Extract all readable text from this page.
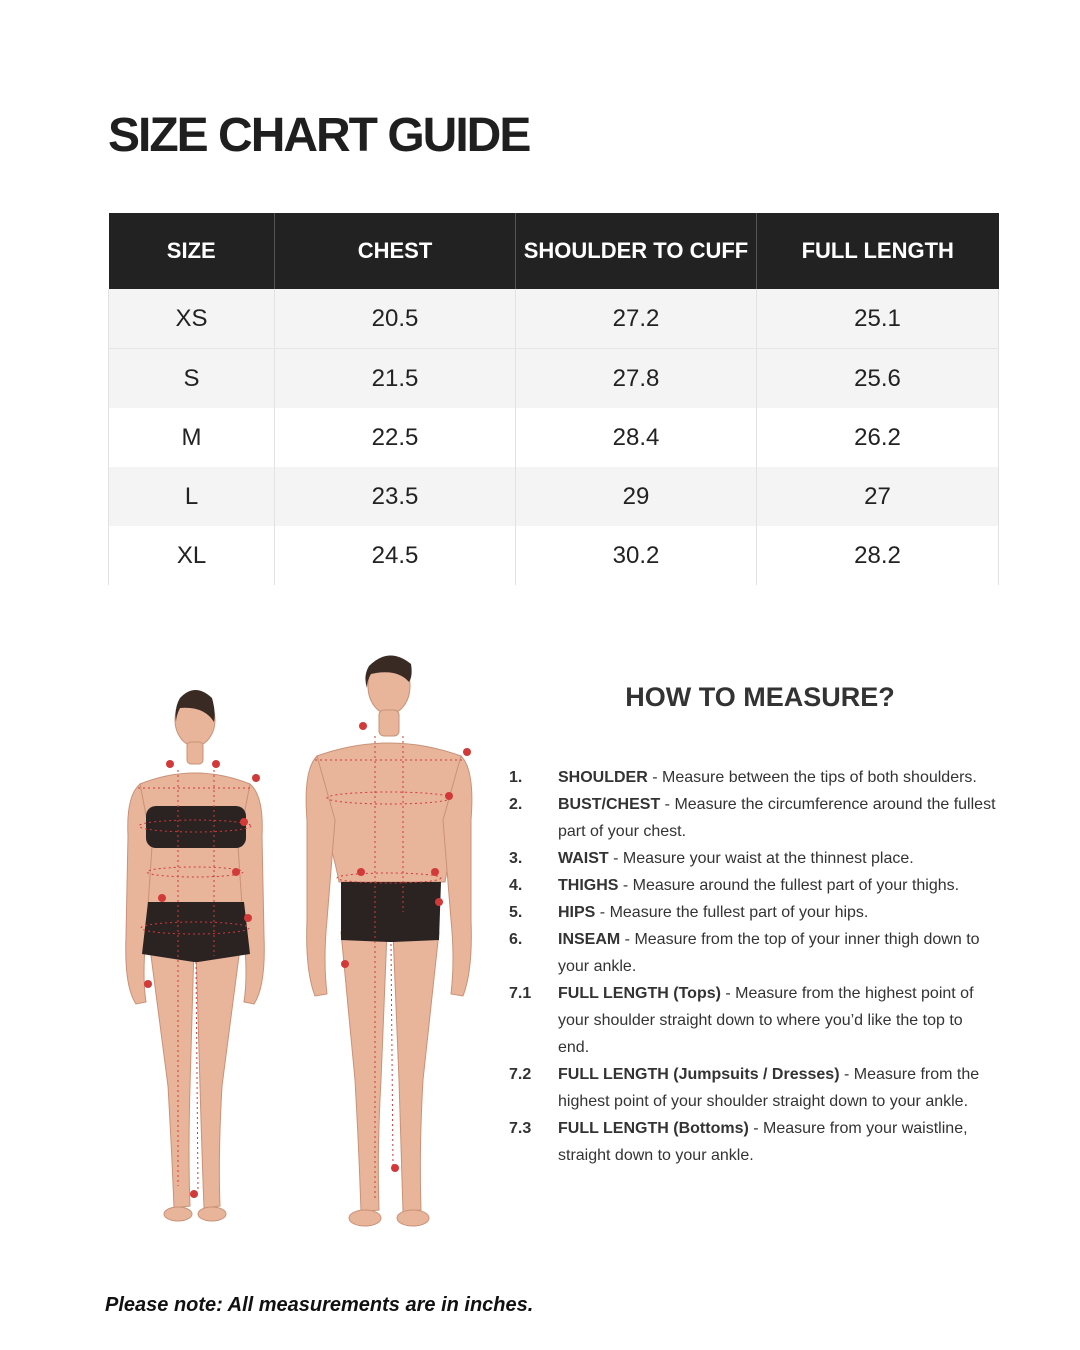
SIZE CHART GUIDE
SIZE	CHEST	SHOULDER TO CUFF	FULL LENGTH
XS	20.5	27.2	25.1
S	21.5	27.8	25.6
M	22.5	28.4	26.2
L	23.5	29	27
XL	24.5	30.2	28.2
HOW TO MEASURE?
1.	SHOULDER - Measure between the tips of both shoulders.
2.	BUST/CHEST - Measure the circumference around the fullest part of your chest.
3.	WAIST - Measure your waist at the thinnest place.
4.	THIGHS - Measure around the fullest part of your thighs.
5.	HIPS - Measure the fullest part of your hips.
6.	INSEAM - Measure from the top of your inner thigh down to your ankle.
7.1	FULL LENGTH (Tops) - Measure from the highest point of your shoulder straight down to where you’d like the top to end.
7.2	FULL LENGTH (Jumpsuits / Dresses) - Measure from the highest point of your shoulder straight down to your ankle.
7.3	FULL LENGTH (Bottoms) - Measure from your waistline, straight down to your ankle.

Please note: All measurements are in inches.
